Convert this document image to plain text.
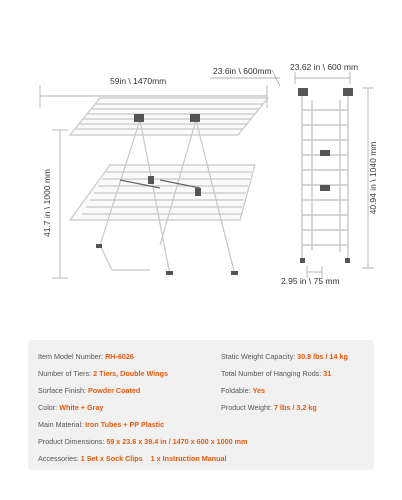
59in \ 1470mm
23.6in \ 600mm
41.7 in \ 1000 mm
23.62 in \ 600 mm
40.94 in \ 1040 mm
2.95 in \ 75 mm
Item Model Number: RH-6026
Number of Tiers: 2 Tiers, Double Wings
Surface Finish: Powder Coated
Color: White + Gray
Main Material: Iron Tubes + PP Plastic
Product Dimensions: 59 x 23.6 x 39.4 in / 1470 x 600 x 1000 mm
Accessories: 1 Set x Sock Clips 1 x Instruction Manual
Static Weight Capacity: 30.8 lbs / 14 kg
Total Number of Hanging Rods: 31
Foldable: Yes
Product Weight: 7 lbs / 3.2 kg
